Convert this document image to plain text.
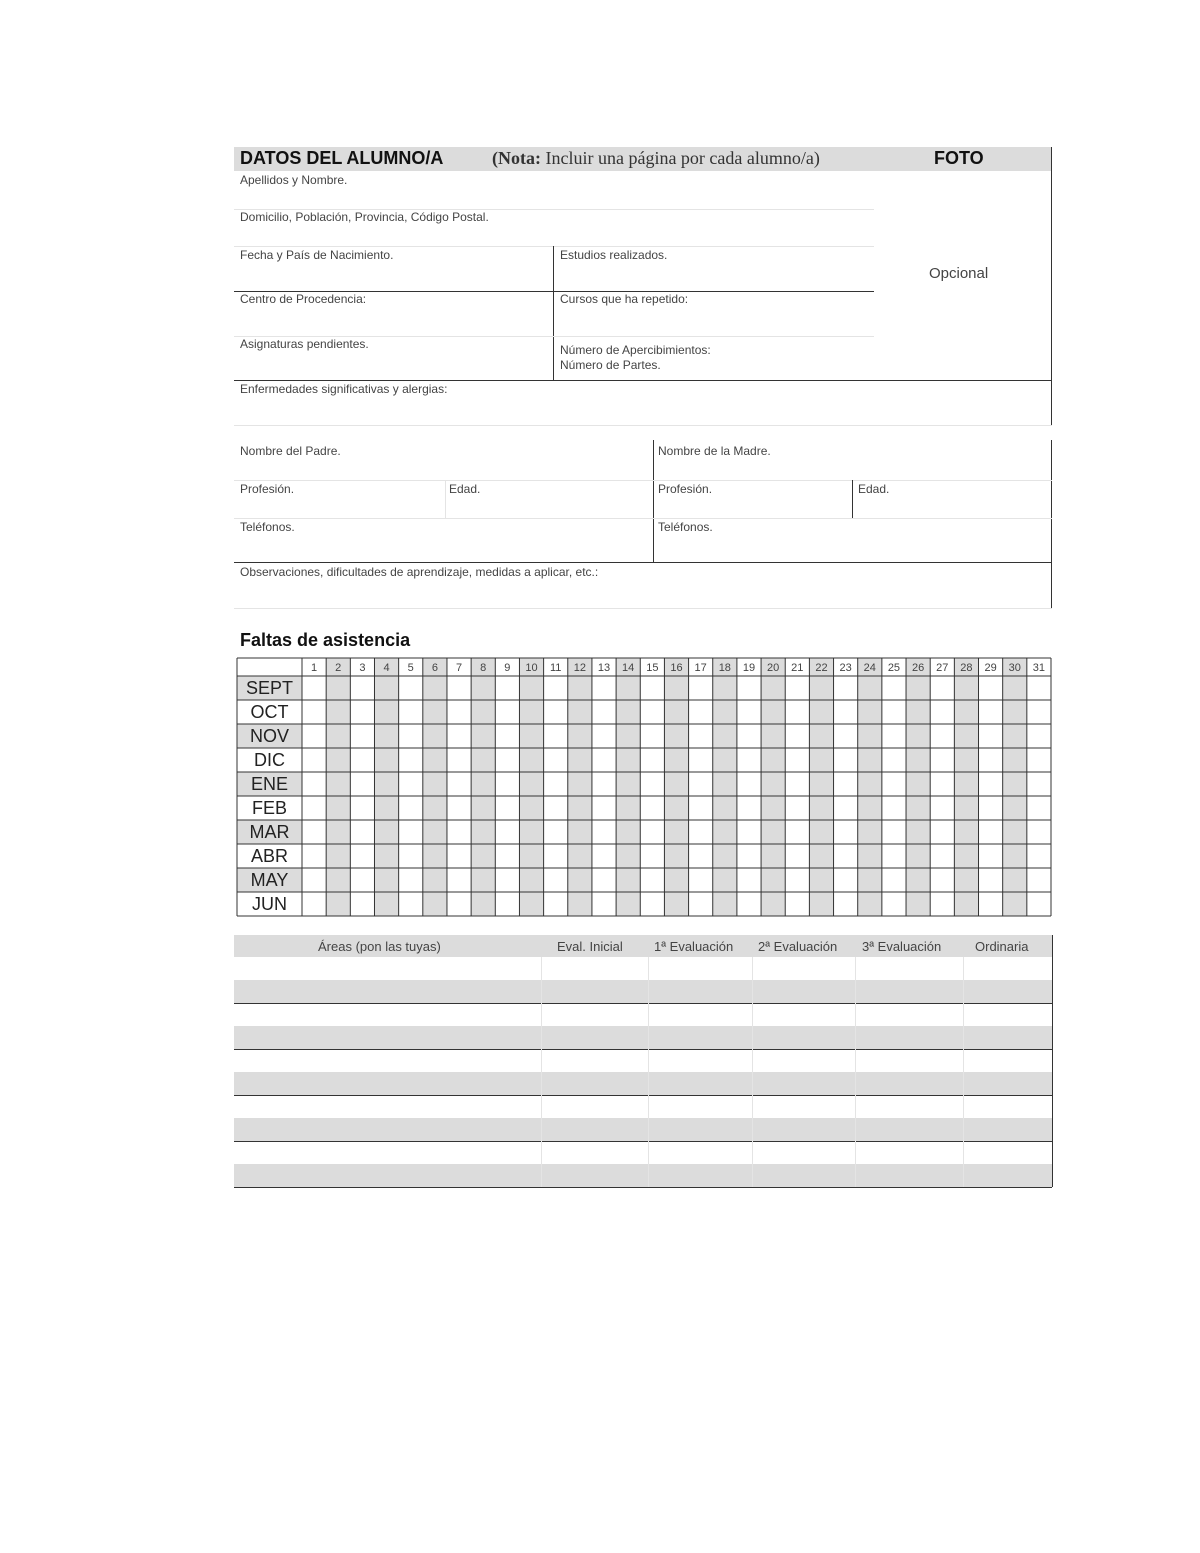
DATOS DEL ALUMNO/A	(Nota: Incluir una página por cada alumno/a)	FOTO
Opcional
Apellidos y Nombre.
Domicilio, Población, Provincia, Código Postal.
Fecha y País de Nacimiento.	Estudios realizados.
Centro de Procedencia:	Cursos que ha repetido:
Asignaturas pendientes.	Número de Apercibimientos:
Número de Partes.
Enfermedades significativas y alergias:
Nombre del Padre.	Nombre de la Madre.
Profesión.	Edad.	Profesión.	Edad.
Teléfonos.	Teléfonos.
Observaciones, dificultades de aprendizaje, medidas a aplicar, etc.:
Faltas de asistencia
1 2 3 4 5 6 7 8 9 10 11 12 13 14 15 16 17 18 19 20 21 22 23 24 25 26 27 28 29 30 31
SEPT
OCT
NOV
DIC
ENE
FEB
MAR
ABR
MAY
JUN
Áreas (pon las tuyas)	Eval. Inicial 1ª Evaluación 2ª Evaluación 3ª Evaluación	Ordinaria
